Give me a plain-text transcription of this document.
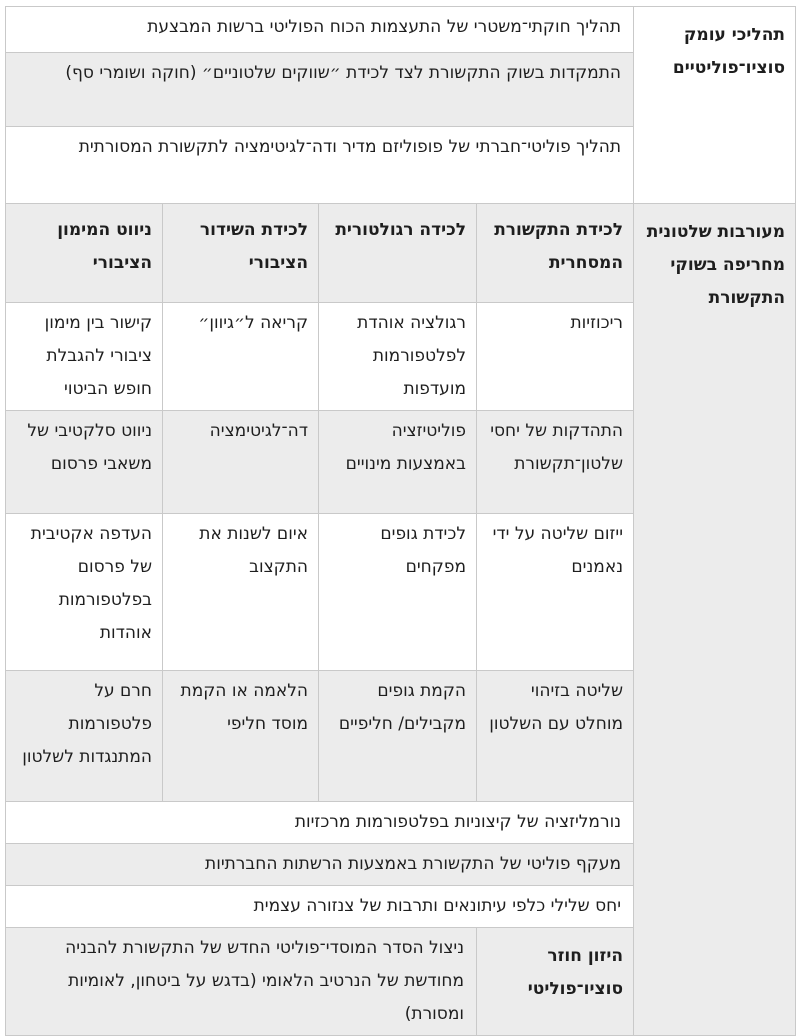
תהליכי עומק סוציו־פוליטיים	תהליך חוקתי־משטרי של התעצמות הכוח הפוליטי ברשות המבצעת			
	התמקדות בשוק התקשורת לצד לכידת ״שווקים שלטוניים״ (חוקה ושומרי סף)			
	תהליך פוליטי־חברתי של פופוליזם מדיר ודה־לגיטימציה לתקשורת המסורתית			
מעורבות שלטונית מחריפה בשוקי התקשורת	לכידת התקשורת המסחרית	לכידה רגולטורית	לכידת השידור הציבורי	ניווט המימון הציבורי
	ריכוזיות	רגולציה אוהדת לפלטפורמות מועדפות	קריאה ל״גיוון״	קישור בין מימון ציבורי להגבלת חופש הביטוי
	התהדקות של יחסי שלטון־תקשורת	פוליטיזציה באמצעות מינויים	דה־לגיטימציה	ניווט סלקטיבי של משאבי פרסום
	ייזום שליטה על ידי נאמנים	לכידת גופים מפקחים	איום לשנות את התקצוב	העדפה אקטיבית של פרסום בפלטפורמות אוהדות
	שליטה בזיהוי מוחלט עם השלטון	הקמת גופים מקבילים/ חליפיים	הלאמה או הקמת מוסד חליפי	חרם על פלטפורמות המתנגדות לשלטון
	נורמליזציה של קיצוניות בפלטפורמות מרכזיות			
	מעקף פוליטי של התקשורת באמצעות הרשתות החברתיות			
	יחס שלילי כלפי עיתונאים ותרבות של צנזורה עצמית			
	היזון חוזר סוציו־פוליטי	ניצול הסדר המוסדי־פוליטי החדש של התקשורת להבניה מחודשת של הנרטיב הלאומי (בדגש על ביטחון, לאומיות ומסורת)		
